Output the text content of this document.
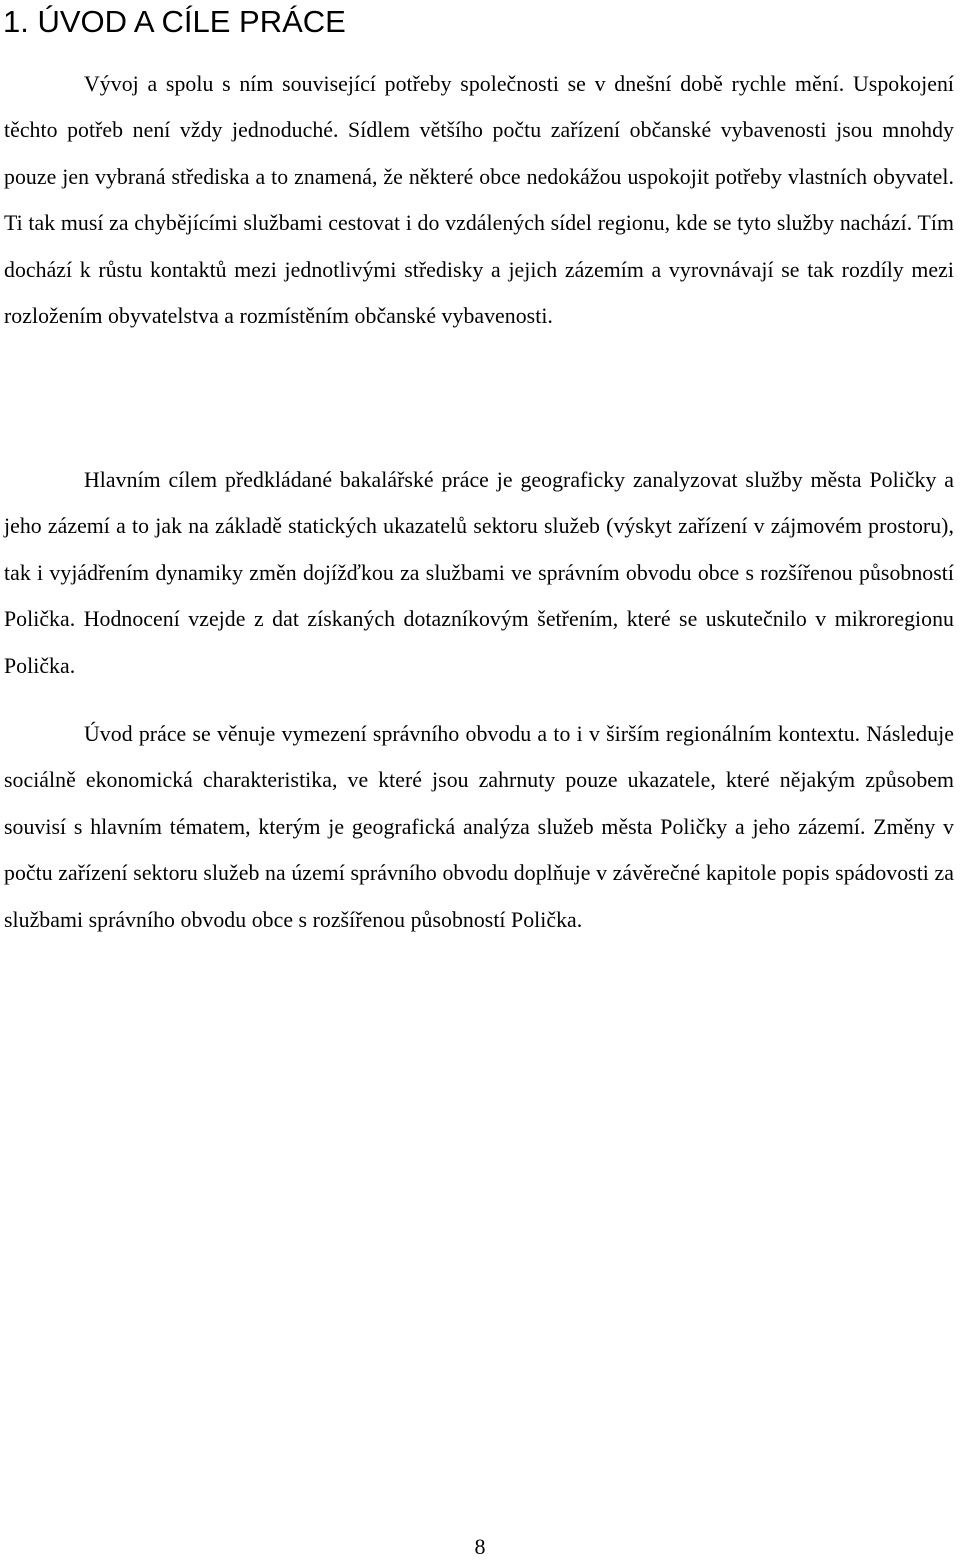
1. ÚVOD A CÍLE PRÁCE

Vývoj a spolu s ním související potřeby společnosti se v dnešní době rychle mění. Uspokojení těchto potřeb není vždy jednoduché. Sídlem většího počtu zařízení občanské vybavenosti jsou mnohdy pouze jen vybraná střediska a to znamená, že některé obce nedokážou uspokojit potřeby vlastních obyvatel. Ti tak musí za chybějícími službami cestovat i do vzdálených sídel regionu, kde se tyto služby nachází. Tím dochází k růstu kontaktů mezi jednotlivými středisky a jejich zázemím a vyrovnávají se tak rozdíly mezi rozložením obyvatelstva a rozmístěním občanské vybavenosti.

Hlavním cílem předkládané bakalářské práce je geograficky zanalyzovat služby města Poličky a jeho zázemí a to jak na základě statických ukazatelů sektoru služeb (výskyt zařízení v zájmovém prostoru), tak i vyjádřením dynamiky změn dojížďkou za službami ve správním obvodu obce s rozšířenou působností Polička. Hodnocení vzejde z dat získaných dotazníkovým šetřením, které se uskutečnilo v mikroregionu Polička.

Úvod práce se věnuje vymezení správního obvodu a to i v širším regionálním kontextu. Následuje sociálně ekonomická charakteristika, ve které jsou zahrnuty pouze ukazatele, které nějakým způsobem souvisí s hlavním tématem, kterým je geografická analýza služeb města Poličky a jeho zázemí. Změny v počtu zařízení sektoru služeb na území správního obvodu doplňuje v závěrečné kapitole popis spádovosti za službami správního obvodu obce s rozšířenou působností Polička.

8
